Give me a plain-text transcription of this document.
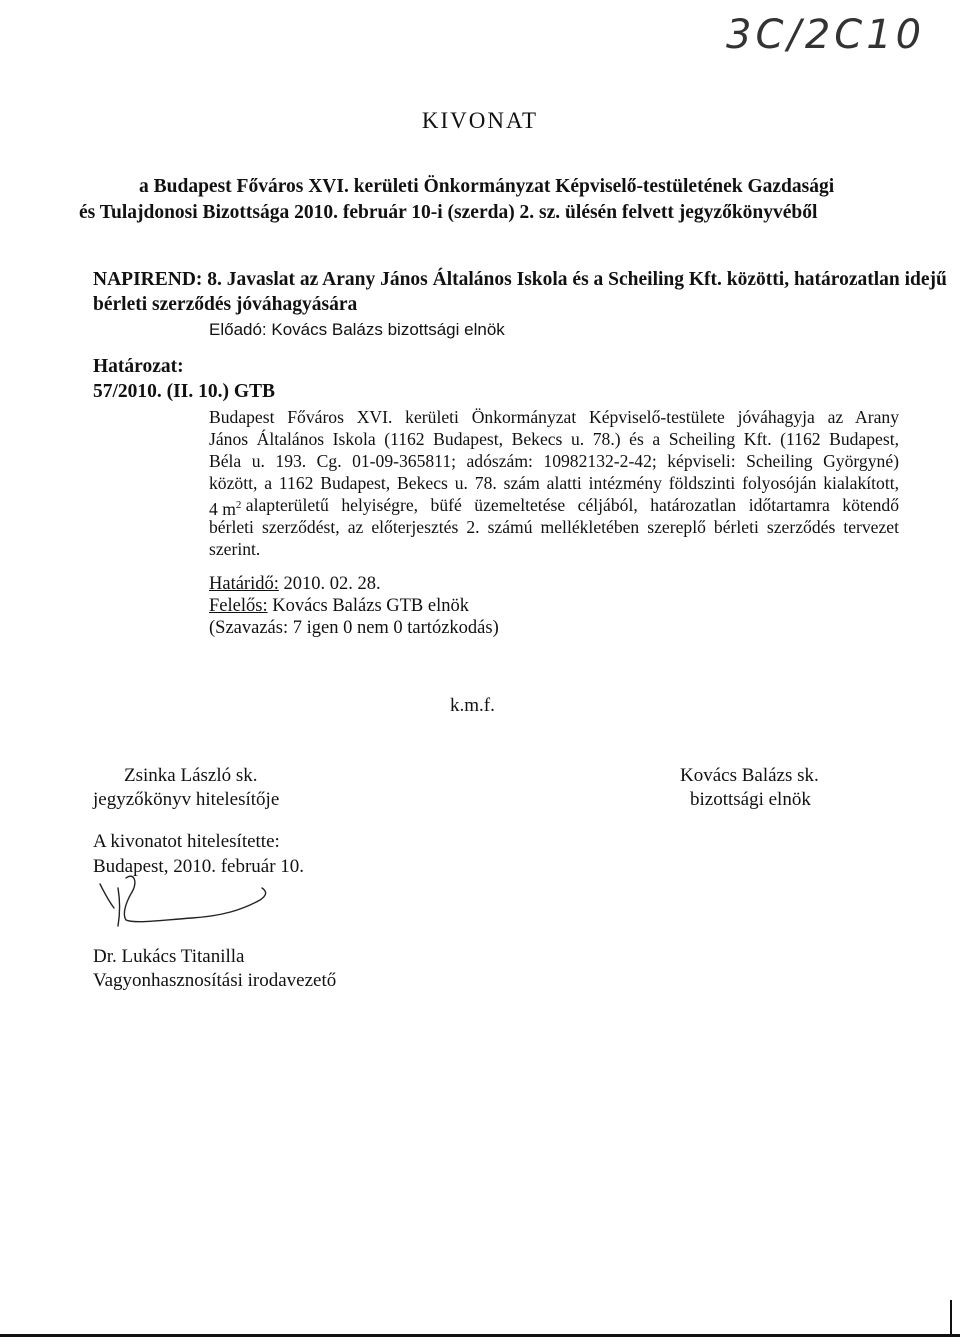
3C/2C10
KIVONAT
a Budapest Főváros XVI. kerületi Önkormányzat Képviselő-testületének Gazdasági
és Tulajdonosi Bizottsága 2010. február 10-i (szerda) 2. sz. ülésén felvett jegyzőkönyvéből
NAPIREND: 8. Javaslat az Arany János Általános Iskola és a Scheiling Kft. közötti, határozatlan idejű
bérleti szerződés jóváhagyására
Előadó: Kovács Balázs bizottsági elnök
Határozat:
57/2010. (II. 10.) GTB
Budapest Főváros XVI. kerületi Önkormányzat Képviselő-testülete jóváhagyja az Arany
János Általános Iskola (1162 Budapest, Bekecs u. 78.) és a Scheiling Kft. (1162 Budapest,
Béla u. 193. Cg. 01-09-365811; adószám: 10982132-2-42; képviseli: Scheiling Györgyné)
között, a 1162 Budapest, Bekecs u. 78. szám alatti intézmény földszinti folyosóján kialakított,
4 $m^2$ alapterületű helyiségre, büfé üzemeltetése céljából, határozatlan időtartamra kötendő
bérleti szerződést, az előterjesztés 2. számú mellékletében szereplő bérleti szerződés tervezet
szerint.
Határidő: 2010. 02. 28.
Felelős: Kovács Balázs GTB elnök
(Szavazás: 7 igen 0 nem 0 tartózkodás)
k.m.f.
Zsinka László sk.
jegyzőkönyv hitelesítője
Kovács Balázs sk.
bizottsági elnök
A kivonatot hitelesítette:
Budapest, 2010. február 10.
Dr. Lukács Titanilla
Vagyonhasznosítási irodavezető
